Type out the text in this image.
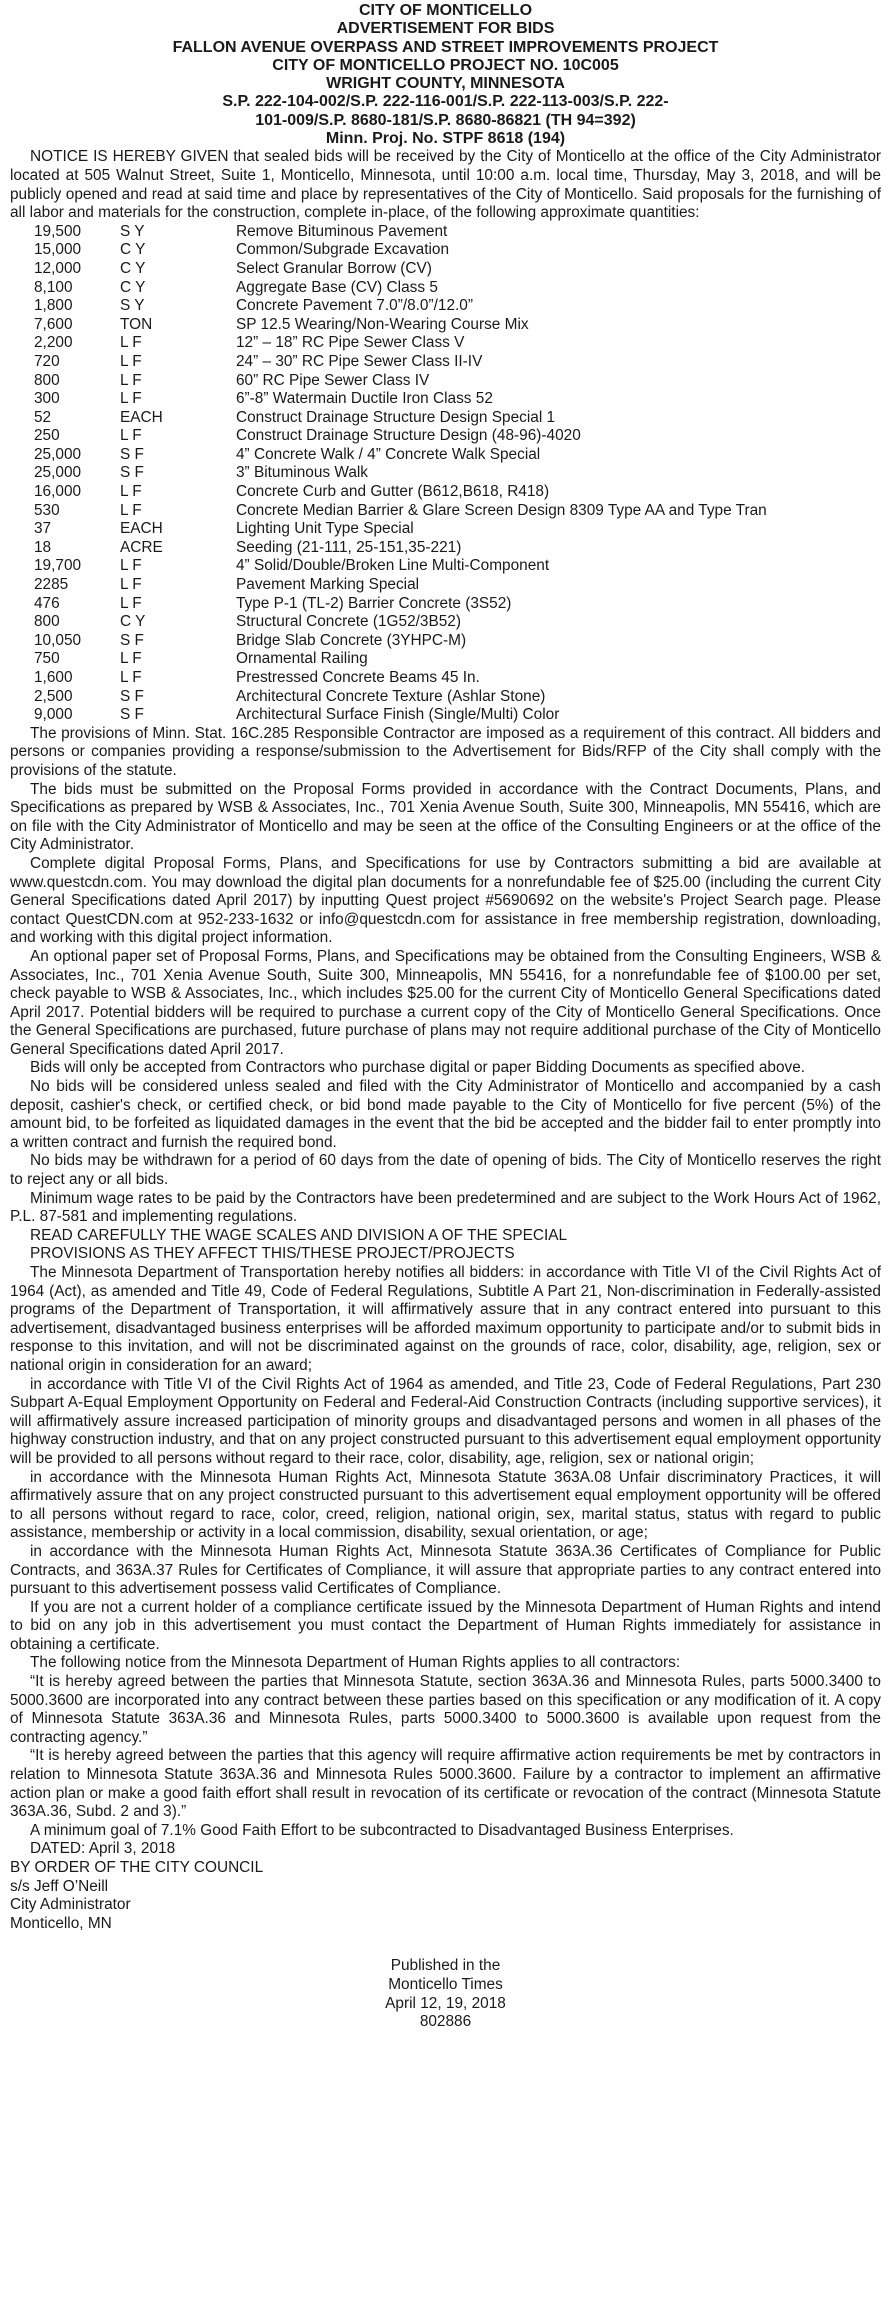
CITY OF MONTICELLO
ADVERTISEMENT FOR BIDS
FALLON AVENUE OVERPASS AND STREET IMPROVEMENTS PROJECT
CITY OF MONTICELLO PROJECT NO. 10C005
WRIGHT COUNTY, MINNESOTA
S.P. 222-104-002/S.P. 222-116-001/S.P. 222-113-003/S.P. 222-
101-009/S.P. 8680-181/S.P. 8680-86821 (TH 94=392)
Minn. Proj. No. STPF 8618 (194)

NOTICE IS HEREBY GIVEN that sealed bids will be received by the City of Monticello at the office of the City Administrator located at 505 Walnut Street, Suite 1, Monticello, Minnesota, until 10:00 a.m. local time, Thursday, May 3, 2018, and will be publicly opened and read at said time and place by representatives of the City of Monticello. Said proposals for the furnishing of all labor and materials for the construction, complete in-place, of the following approximate quantities:

19,500	S Y	Remove Bituminous Pavement
15,000	C Y	Common/Subgrade Excavation
12,000	C Y	Select Granular Borrow (CV)
8,100	C Y	Aggregate Base (CV) Class 5
1,800	S Y	Concrete Pavement 7.0”/8.0”/12.0”
7,600	TON	SP 12.5 Wearing/Non-Wearing Course Mix
2,200	L F	12” – 18” RC Pipe Sewer Class V
720	L F	24” – 30” RC Pipe Sewer Class II-IV
800	L F	60” RC Pipe Sewer Class IV
300	L F	6”-8” Watermain Ductile Iron Class 52
52	EACH	Construct Drainage Structure Design Special 1
250	L F	Construct Drainage Structure Design (48-96)-4020
25,000	S F	4” Concrete Walk / 4” Concrete Walk Special
25,000	S F	3” Bituminous Walk
16,000	L F	Concrete Curb and Gutter (B612,B618, R418)
530	L F	Concrete Median Barrier & Glare Screen Design 8309 Type AA and Type Tran
37	EACH	Lighting Unit Type Special
18	ACRE	Seeding (21-111, 25-151,35-221)
19,700	L F	4” Solid/Double/Broken Line Multi-Component
2285	L F	Pavement Marking Special
476	L F	Type P-1 (TL-2) Barrier Concrete (3S52)
800	C Y	Structural Concrete (1G52/3B52)
10,050	S F	Bridge Slab Concrete (3YHPC-M)
750	L F	Ornamental Railing
1,600	L F	Prestressed Concrete Beams 45 In.
2,500	S F	Architectural Concrete Texture (Ashlar Stone)
9,000	S F	Architectural Surface Finish (Single/Multi) Color

The provisions of Minn. Stat. 16C.285 Responsible Contractor are imposed as a requirement of this contract. All bidders and persons or companies providing a response/submission to the Advertisement for Bids/RFP of the City shall comply with the provisions of the statute.

The bids must be submitted on the Proposal Forms provided in accordance with the Contract Documents, Plans, and Specifications as prepared by WSB & Associates, Inc., 701 Xenia Avenue South, Suite 300, Minneapolis, MN 55416, which are on file with the City Administrator of Monticello and may be seen at the office of the Consulting Engineers or at the office of the City Administrator.

Complete digital Proposal Forms, Plans, and Specifications for use by Contractors submitting a bid are available at www.questcdn.com. You may download the digital plan documents for a nonrefundable fee of $25.00 (including the current City General Specifications dated April 2017) by inputting Quest project #5690692 on the website's Project Search page. Please contact QuestCDN.com at 952-233-1632 or info@questcdn.com for assistance in free membership registration, downloading, and working with this digital project information.

An optional paper set of Proposal Forms, Plans, and Specifications may be obtained from the Consulting Engineers, WSB & Associates, Inc., 701 Xenia Avenue South, Suite 300, Minneapolis, MN 55416, for a nonrefundable fee of $100.00 per set, check payable to WSB & Associates, Inc., which includes $25.00 for the current City of Monticello General Specifications dated April 2017. Potential bidders will be required to purchase a current copy of the City of Monticello General Specifications. Once the General Specifications are purchased, future purchase of plans may not require additional purchase of the City of Monticello General Specifications dated April 2017.

Bids will only be accepted from Contractors who purchase digital or paper Bidding Documents as specified above.

No bids will be considered unless sealed and filed with the City Administrator of Monticello and accompanied by a cash deposit, cashier's check, or certified check, or bid bond made payable to the City of Monticello for five percent (5%) of the amount bid, to be forfeited as liquidated damages in the event that the bid be accepted and the bidder fail to enter promptly into a written contract and furnish the required bond.

No bids may be withdrawn for a period of 60 days from the date of opening of bids. The City of Monticello reserves the right to reject any or all bids.

Minimum wage rates to be paid by the Contractors have been predetermined and are subject to the Work Hours Act of 1962, P.L. 87-581 and implementing regulations.

READ CAREFULLY THE WAGE SCALES AND DIVISION A OF THE SPECIAL
PROVISIONS AS THEY AFFECT THIS/THESE PROJECT/PROJECTS

The Minnesota Department of Transportation hereby notifies all bidders: in accordance with Title VI of the Civil Rights Act of 1964 (Act), as amended and Title 49, Code of Federal Regulations, Subtitle A Part 21, Non-discrimination in Federally-assisted programs of the Department of Transportation, it will affirmatively assure that in any contract entered into pursuant to this advertisement, disadvantaged business enterprises will be afforded maximum opportunity to participate and/or to submit bids in response to this invitation, and will not be discriminated against on the grounds of race, color, disability, age, religion, sex or national origin in consideration for an award;

in accordance with Title VI of the Civil Rights Act of 1964 as amended, and Title 23, Code of Federal Regulations, Part 230 Subpart A-Equal Employment Opportunity on Federal and Federal-Aid Construction Contracts (including supportive services), it will affirmatively assure increased participation of minority groups and disadvantaged persons and women in all phases of the highway construction industry, and that on any project constructed pursuant to this advertisement equal employment opportunity will be provided to all persons without regard to their race, color, disability, age, religion, sex or national origin;

in accordance with the Minnesota Human Rights Act, Minnesota Statute 363A.08 Unfair discriminatory Practices, it will affirmatively assure that on any project constructed pursuant to this advertisement equal employment opportunity will be offered to all persons without regard to race, color, creed, religion, national origin, sex, marital status, status with regard to public assistance, membership or activity in a local commission, disability, sexual orientation, or age;

in accordance with the Minnesota Human Rights Act, Minnesota Statute 363A.36 Certificates of Compliance for Public Contracts, and 363A.37 Rules for Certificates of Compliance, it will assure that appropriate parties to any contract entered into pursuant to this advertisement possess valid Certificates of Compliance.

If you are not a current holder of a compliance certificate issued by the Minnesota Department of Human Rights and intend to bid on any job in this advertisement you must contact the Department of Human Rights immediately for assistance in obtaining a certificate.

The following notice from the Minnesota Department of Human Rights applies to all contractors:

“It is hereby agreed between the parties that Minnesota Statute, section 363A.36 and Minnesota Rules, parts 5000.3400 to 5000.3600 are incorporated into any contract between these parties based on this specification or any modification of it. A copy of Minnesota Statute 363A.36 and Minnesota Rules, parts 5000.3400 to 5000.3600 is available upon request from the contracting agency.”

“It is hereby agreed between the parties that this agency will require affirmative action requirements be met by contractors in relation to Minnesota Statute 363A.36 and Minnesota Rules 5000.3600. Failure by a contractor to implement an affirmative action plan or make a good faith effort shall result in revocation of its certificate or revocation of the contract (Minnesota Statute 363A.36, Subd. 2 and 3).”

A minimum goal of 7.1% Good Faith Effort to be subcontracted to Disadvantaged Business Enterprises.

DATED: April 3, 2018
BY ORDER OF THE CITY COUNCIL
s/s Jeff O’Neill
City Administrator
Monticello, MN
Published in the
Monticello Times
April 12, 19, 2018
802886
